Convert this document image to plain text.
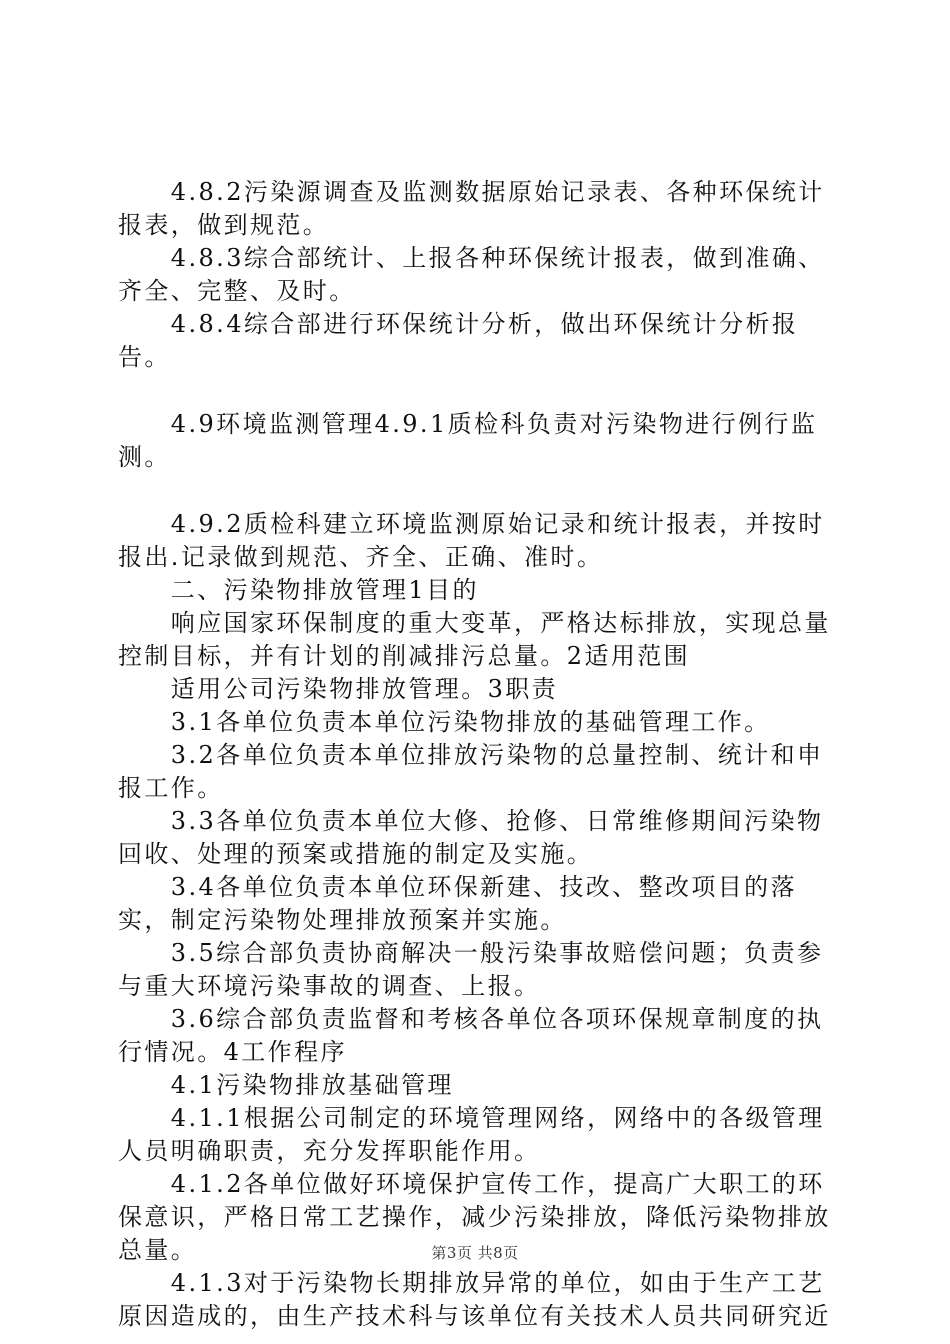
　　4.8.2污染源调查及监测数据原始记录表、各种环保统计报表，做到规范。

　　4.8.3综合部统计、上报各种环保统计报表，做到准确、齐全、完整、及时。

　　4.8.4综合部进行环保统计分析，做出环保统计分析报告。

　　4.9环境监测管理4.9.1质检科负责对污染物进行例行监测。

　　4.9.2质检科建立环境监测原始记录和统计报表，并按时报出.记录做到规范、齐全、正确、准时。

　　二、污染物排放管理1目的

　　响应国家环保制度的重大变革，严格达标排放，实现总量控制目标，并有计划的削减排污总量。2适用范围

　　适用公司污染物排放管理。3职责

　　3.1各单位负责本单位污染物排放的基础管理工作。

　　3.2各单位负责本单位排放污染物的总量控制、统计和申报工作。

　　3.3各单位负责本单位大修、抢修、日常维修期间污染物回收、处理的预案或措施的制定及实施。

　　3.4各单位负责本单位环保新建、技改、整改项目的落实，制定污染物处理排放预案并实施。

　　3.5综合部负责协商解决一般污染事故赔偿问题；负责参与重大环境污染事故的调查、上报。

　　3.6综合部负责监督和考核各单位各项环保规章制度的执行情况。4工作程序

　　4.1污染物排放基础管理

　　4.1.1根据公司制定的环境管理网络，网络中的各级管理人员明确职责，充分发挥职能作用。

　　4.1.2各单位做好环境保护宣传工作，提高广大职工的环保意识，严格日常工艺操作，减少污染排放，降低污染物排放总量。

　　4.1.3对于污染物长期排放异常的单位，如由于生产工艺原因造成的，由生产技术科与该单位有关技术人员共同研究近

第3页 共8页
